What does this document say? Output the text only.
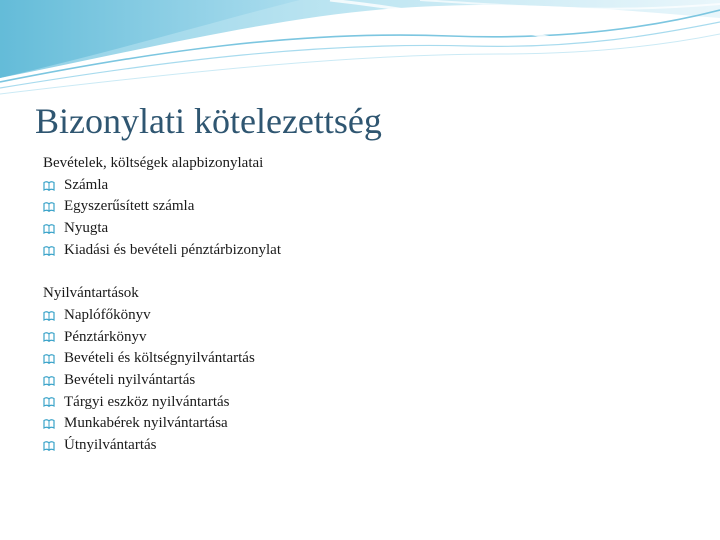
Bizonylati kötelezettség
Bevételek, költségek alapbizonylatai
Számla
Egyszerűsített számla
Nyugta
Kiadási és bevételi pénztárbizonylat
Nyilvántartások
Naplófőkönyv
Pénztárkönyv
Bevételi és költségnyilvántartás
Bevételi nyilvántartás
Tárgyi eszköz nyilvántartás
Munkabérek nyilvántartása
Útnyilvántartás
